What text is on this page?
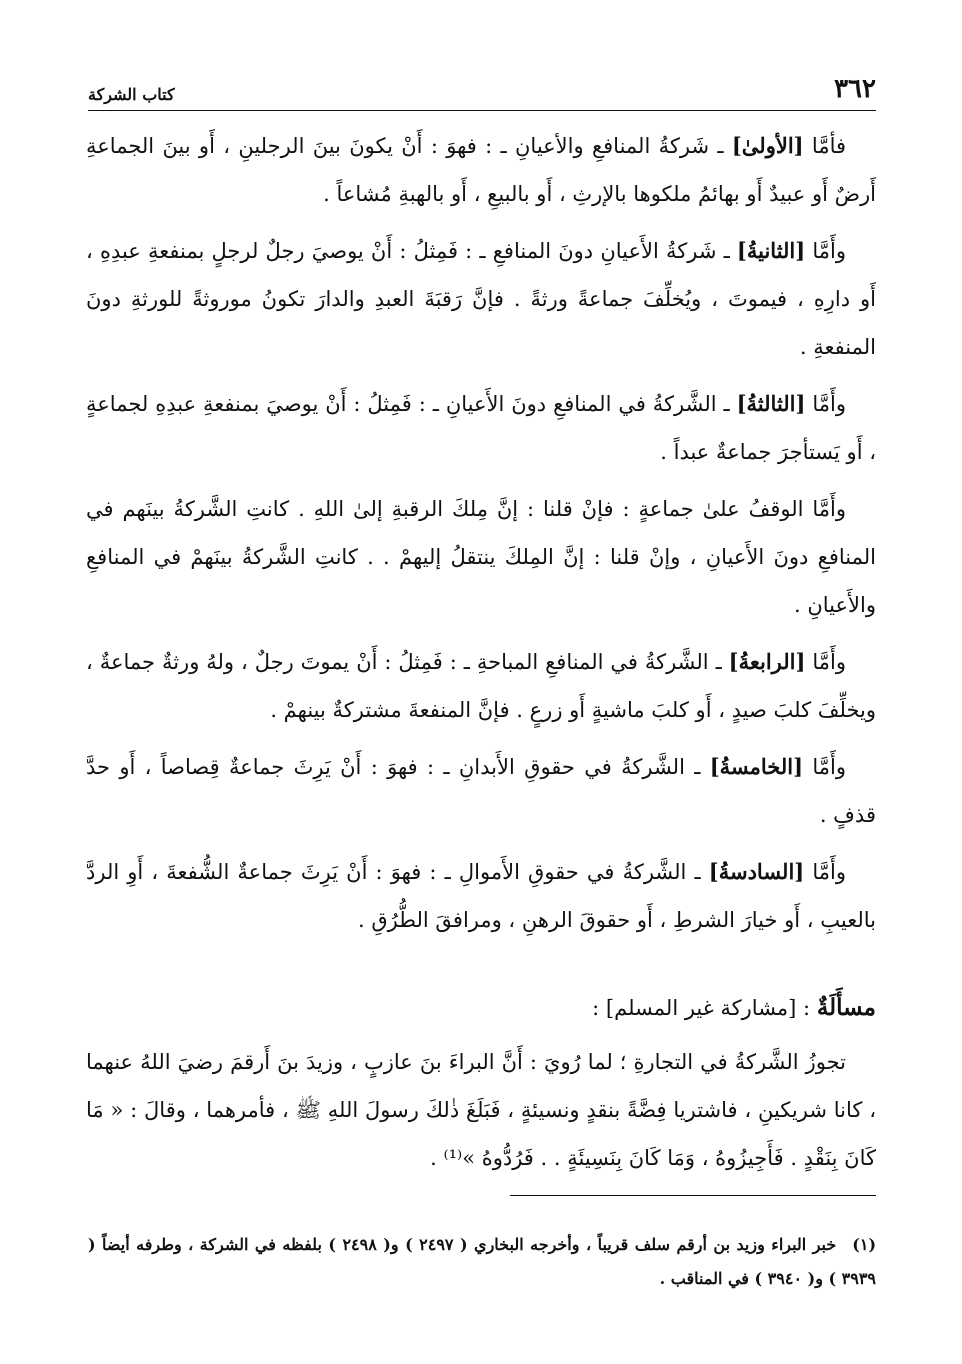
٣٦٢
كتاب الشركة

فأمَّا [الأولىٰ] ـ شَركةُ المنافعِ والأعيانِ ـ : فهوَ : أَنْ يكونَ بينَ الرجلينِ ، أَو بينَ الجماعةِ أَرضٌ أَو عبيدٌ أَو بهائمُ ملكوها بالإرثِ ، أَو بالبيعِ ، أَو بالهبةِ مُشاعاً .

وأَمَّا [الثانيةُ] ـ شَركةُ الأَعيانِ دونَ المنافعِ ـ : فَمِثلُ : أَنْ يوصيَ رجلٌ لرجلٍ بمنفعةِ عبدِهِ ، أَو دارِهِ ، فيموتَ ، ويُخلِّفَ جماعةً ورثةً . فإنَّ رَقبَةَ العبدِ والدارَ تكونُ موروثةً للورثةِ دونَ المنفعةِ .

وأَمَّا [الثالثةُ] ـ الشَّركةُ في المنافعِ دونَ الأَعيانِ ـ : فَمِثلُ : أَنْ يوصيَ بمنفعةِ عبدِهِ لجماعةٍ ، أَو يَستأجرَ جماعةٌ عبداً .

وأَمَّا الوقفُ علىٰ جماعةٍ : فإنْ قلنا : إنَّ مِلكَ الرقبةِ إلىٰ اللهِ . كانتِ الشَّركةُ بينَهم في المنافعِ دونَ الأَعيانِ ، وإنْ قلنا : إنَّ المِلكَ ينتقلُ إليهمْ . . كانتِ الشَّركةُ بينَهمْ في المنافعِ والأَعيانِ .

وأَمَّا [الرابعةُ] ـ الشَّركةُ في المنافعِ المباحةِ ـ : فَمِثلُ : أَنْ يموتَ رجلٌ ، ولهُ ورثةٌ جماعةٌ ، ويخلِّفَ كلبَ صيدٍ ، أَو كلبَ ماشيةٍ أَو زرعٍ . فإنَّ المنفعةَ مشتركةٌ بينهمْ .

وأَمَّا [الخامسةُ] ـ الشَّركةُ في حقوقِ الأَبدانِ ـ : فهوَ : أَنْ يَرِثَ جماعةٌ قِصاصاً ، أَو حدَّ قذفٍ .

وأَمَّا [السادسةُ] ـ الشَّركةُ في حقوقِ الأَموالِ ـ : فهوَ : أَنْ يَرِثَ جماعةٌ الشُّفعةَ ، أَوِ الردَّ بالعيبِ ، أَو خيارَ الشرطِ ، أَو حقوقَ الرهنِ ، ومرافقَ الطُّرُقِ .

مسأَلَةٌ : [مشاركة غير المسلم] :

تجوزُ الشَّركةُ في التجارةِ ؛ لما رُويَ : أَنَّ البراءَ بنَ عازبٍ ، وزيدَ بنَ أَرقمَ رضيَ اللهُ عنهما ، كانا شريكينِ ، فاشتريا فِضَّةً بنقدٍ ونسيئةٍ ، فَبَلَغَ ذٰلكَ رسولَ اللهِ ﷺ ، فأمرهما ، وقالَ : « مَا كَانَ بِنَقْدٍ . فَأَجِيزُوهُ ، وَمَا كَانَ بِنَسِيئَةٍ . . فَرُدُّوهُ »⁽¹⁾ .

(١)خبر البراء وزيد بن أرقم سلف قريباً ، وأخرجه البخاري ( ٢٤٩٧ ) و( ٢٤٩٨ ) بلفظه في الشركة ، وطرفه أيضاً ( ٣٩٣٩ ) و( ٣٩٤٠ ) في المناقب .
